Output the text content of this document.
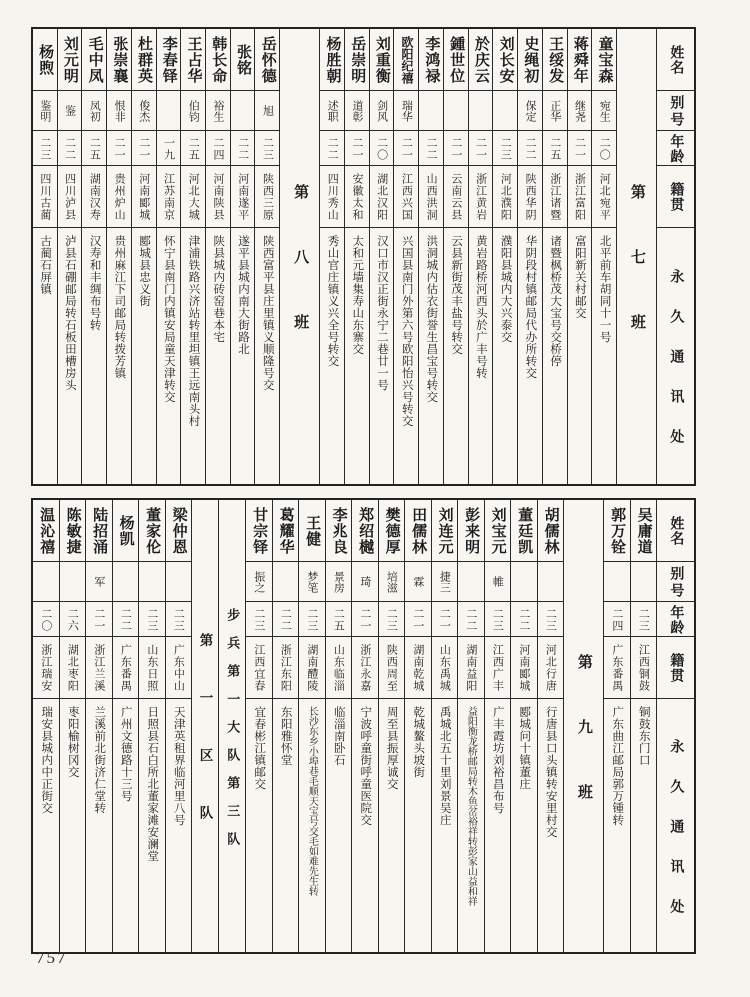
姓名
别号
年龄
籍贯
永久通讯处
第七班
童宝森
宛生
二〇
河北宛平
北平前车胡同十一号
蒋舜年
继尧
二一
浙江富阳
富阳新关村邮交
王绥发
正华
二五
浙江诸暨
诸暨枫桥茂大宝号交桥停
史绳初
保定
二二
陕西华阴
华阴段村镇邮局代办所转交
刘长安
二三
河北濮阳
濮阳县城内大兴泰交
於庆云
二一
浙江黄岩
黄岩路桥河西头於广丰号转
鍾世位
二一
云南云县
云县新街茂丰盐号转交
李鸿禄
二二
山西洪洞
洪洞城内估衣街誉生昌宝号转交
欧阳纪禧
瑞华
二一
江西兴国
兴国县南门外第六号欧阳怡兴号转交
刘重衡
剑风
二〇
湖北汉阳
汉口市汉正街永宁二巷廿一号
岳崇明
道彰
二一
安徽太和
太和元墙集寿山东寨交
杨胜朝
述职
二二
四川秀山
秀山官庄镇义兴全号转交
第八班
岳怀德
旭
二三
陕西三原
陕西富平县庄里镇义顺隆号交
张铭
二二
河南遂平
遂平县城内南大街路北
韩长命
裕生
二四
河南陕县
陕县城内砖窑巷本宅
王占华
伯钧
二五
河北大城
津浦铁路兴济站转里坦镇王远南头村
李春铎
一九
江苏南京
怀宁县南门内镇安局童天津转交
杜群英
俊杰
二一
河南郾城
郾城县忠义街
张崇襄
恨非
二一
贵州炉山
贵州麻江下司邮局转拨芳镇
毛中凤
凤初
二五
湖南汉寿
汉寿和丰绸布号转
刘元明
鉴
二二
四川泸县
泸县石硼邮局转石板田槽房头
杨煦
鉴明
二三
四川古蔺
古蔺石屏镇
姓名
别号
年龄
籍贯
永久通讯处
吴庸道
二三
江西铜鼓
铜鼓东门口
郭万铨
二四
广东番禺
广东曲江邮局郭万锺转
第九班
胡儒林
二三
河北行唐
行唐县口头镇转安里村交
董廷凯
二二
河南郾城
郾城问十镇董庄
刘宝元
帷
二三
江西广丰
广丰霞坊刘裕昌布号
彭来明
二二
湖南益阳
益阳衡龙桥邮局转木鱼岔裕祥转彭家山益和祥
刘连元
捷三
二一
山东禹城
禹城北五十里刘景吴庄
田儒林
霖
二一
湖南乾城
乾城鳌头坡街
樊德厚
培滋
二三
陕西周至
周至县振厚诚交
郑绍樾
琦
二一
浙江永嘉
宁波呼童街呼童医院交
李兆良
景房
二五
山东临淄
临淄南卧石
王健
梦笔
二三
湖南醴陵
长沙东乡小埠巷毛顺天宝号交毛如难先生转
葛耀华
二二
浙江东阳
东阳雅怀堂
甘宗铎
振之
二三
江西宜春
宜春彬江镇邮交
步兵第一大队第三队
第一区队
梁仲恩
二三
广东中山
天津英租界临河里八号
董家伦
二三
山东日照
日照县石白所北董家滩安澜堂
杨凯
二二
广东番禺
广州文德路十三号
陆招涌
军
二一
浙江兰溪
兰溪前北街济仁堂转
陈敏捷
二六
湖北枣阳
枣阳榆树冈交
温沁禧
二〇
浙江瑞安
瑞安县城内中正街交
757
